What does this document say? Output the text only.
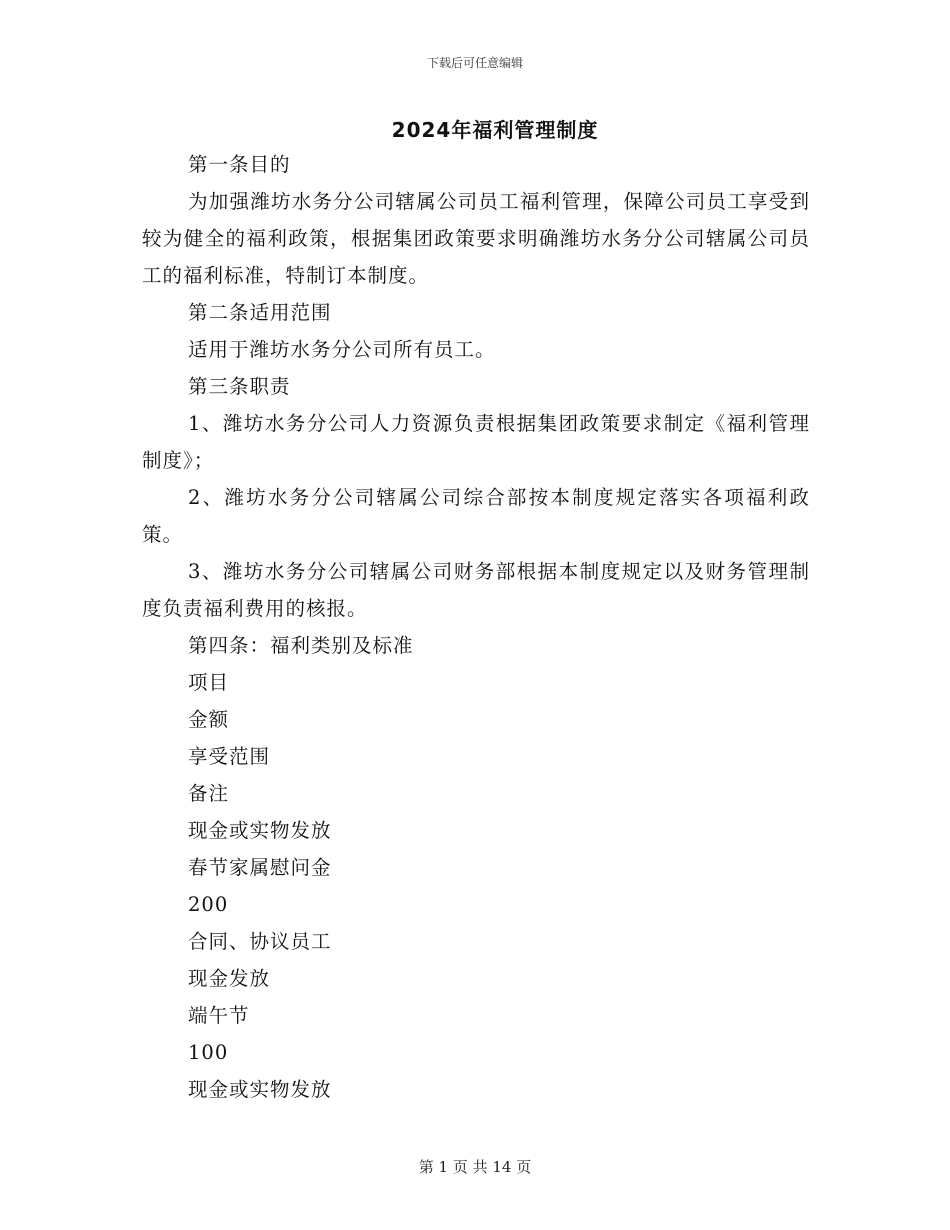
下载后可任意编辑
2024年福利管理制度

第一条目的

为加强潍坊水务分公司辖属公司员工福利管理，保障公司员工享受到较为健全的福利政策，根据集团政策要求明确潍坊水务分公司辖属公司员工的福利标准，特制订本制度。

第二条适用范围

适用于潍坊水务分公司所有员工。

第三条职责

1、潍坊水务分公司人力资源负责根据集团政策要求制定《福利管理制度》；

2、潍坊水务分公司辖属公司综合部按本制度规定落实各项福利政策。

3、潍坊水务分公司辖属公司财务部根据本制度规定以及财务管理制度负责福利费用的核报。

第四条：福利类别及标准

项目

金额

享受范围

备注

现金或实物发放

春节家属慰问金

200

合同、协议员工

现金发放

端午节

100

现金或实物发放

第 1 页 共 14 页
